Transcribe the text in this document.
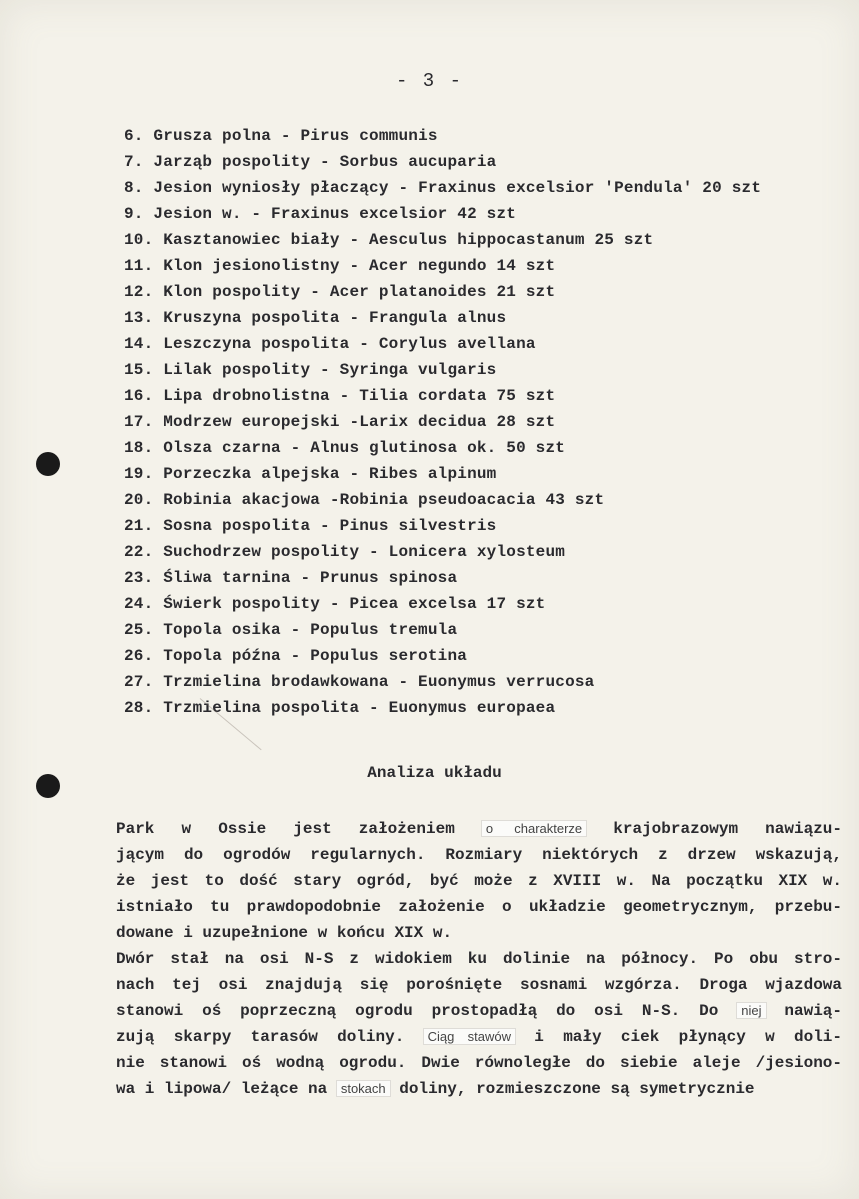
- 3 -
6. Grusza polna - Pirus communis
7. Jarząb pospolity - Sorbus aucuparia
8. Jesion wyniosły płaczący - Fraxinus excelsior 'Pendula' 20 szt
9. Jesion w. - Fraxinus excelsior 42 szt
10. Kasztanowiec biały - Aesculus hippocastanum 25 szt
11. Klon jesionolistny - Acer negundo 14 szt
12. Klon pospolity - Acer platanoides 21 szt
13. Kruszyna pospolita - Frangula alnus
14. Leszczyna pospolita - Corylus avellana
15. Lilak pospolity - Syringa vulgaris
16. Lipa drobnolistna - Tilia cordata 75 szt
17. Modrzew europejski -Larix decidua 28 szt
18. Olsza czarna - Alnus glutinosa ok. 50 szt
19. Porzeczka alpejska - Ribes alpinum
20. Robinia akacjowa -Robinia pseudoacacia 43 szt
21. Sosna pospolita - Pinus silvestris
22. Suchodrzew pospolity - Lonicera xylosteum
23. Śliwa tarnina - Prunus spinosa
24. Świerk pospolity - Picea excelsa 17 szt
25. Topola osika - Populus tremula
26. Topola późna - Populus serotina
27. Trzmielina brodawkowana - Euonymus verrucosa
28. Trzmielina pospolita - Euonymus europaea
Analiza układu

Park w Ossie jest założeniem o charakterze krajobrazowym nawiązu-
jącym do ogrodów regularnych. Rozmiary niektórych z drzew wskazują,
że jest to dość stary ogród, być może z XVIII w. Na początku XIX w.
istniało tu prawdopodobnie założenie o układzie geometrycznym, przebu-
dowane i uzupełnione w końcu XIX w.

Dwór stał na osi N-S z widokiem ku dolinie na północy. Po obu stro-
nach tej osi znajdują się porośnięte sosnami wzgórza. Droga wjazdowa
stanowi oś poprzeczną ogrodu prostopadłą do osi N-S. Do niej nawią-
zują skarpy tarasów doliny. Ciąg stawów i mały ciek płynący w doli-
nie stanowi oś wodną ogrodu. Dwie równoległe do siebie aleje /jesiono-
wa i lipowa/ leżące na stokach doliny, rozmieszczone są symetrycznie
